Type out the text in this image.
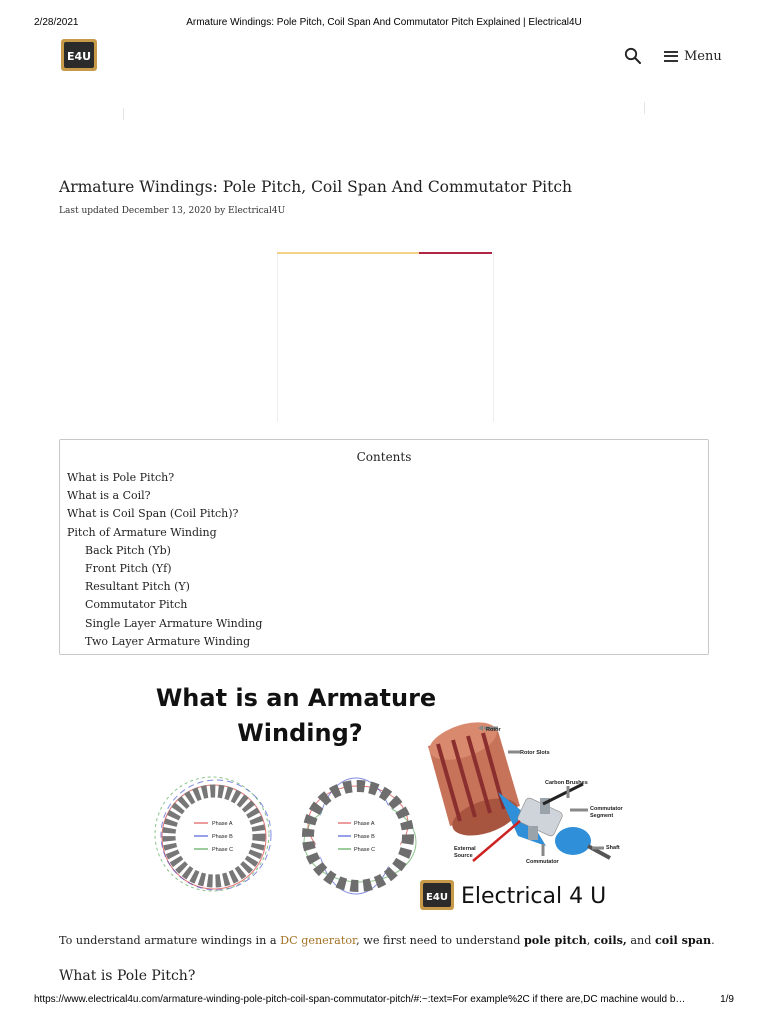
2/28/2021	Armature Windings: Pole Pitch, Coil Span And Commutator Pitch Explained | Electrical4U
https://www.electrical4u.com/armature-winding-pole-pitch-coil-span-commutator-pitch/#:~:text=For example%2C if there are,DC machine would b…	1/9
E4U	Menu
Armature Windings: Pole Pitch, Coil Span And Commutator Pitch
Last updated December 13, 2020 by Electrical4U
Contents
What is Pole Pitch?
What is a Coil?
What is Coil Span (Coil Pitch)?
Pitch of Armature Winding
Back Pitch (Yb)
Front Pitch (Yf)
Resultant Pitch (Y)
Commutator Pitch
Single Layer Armature Winding
Two Layer Armature Winding
What is an Armature
Winding?
Phase A
Phase B
Phase C
Phase A
Phase B
Phase C
Rotor
Rotor Slots
Carbon Brushes
Commutator
Segment
Shaft
External
Source
Commutator
E4U Electrical 4 U
To understand armature windings in a DC generator, we first need to understand pole pitch, coils, and coil span.
What is Pole Pitch?
